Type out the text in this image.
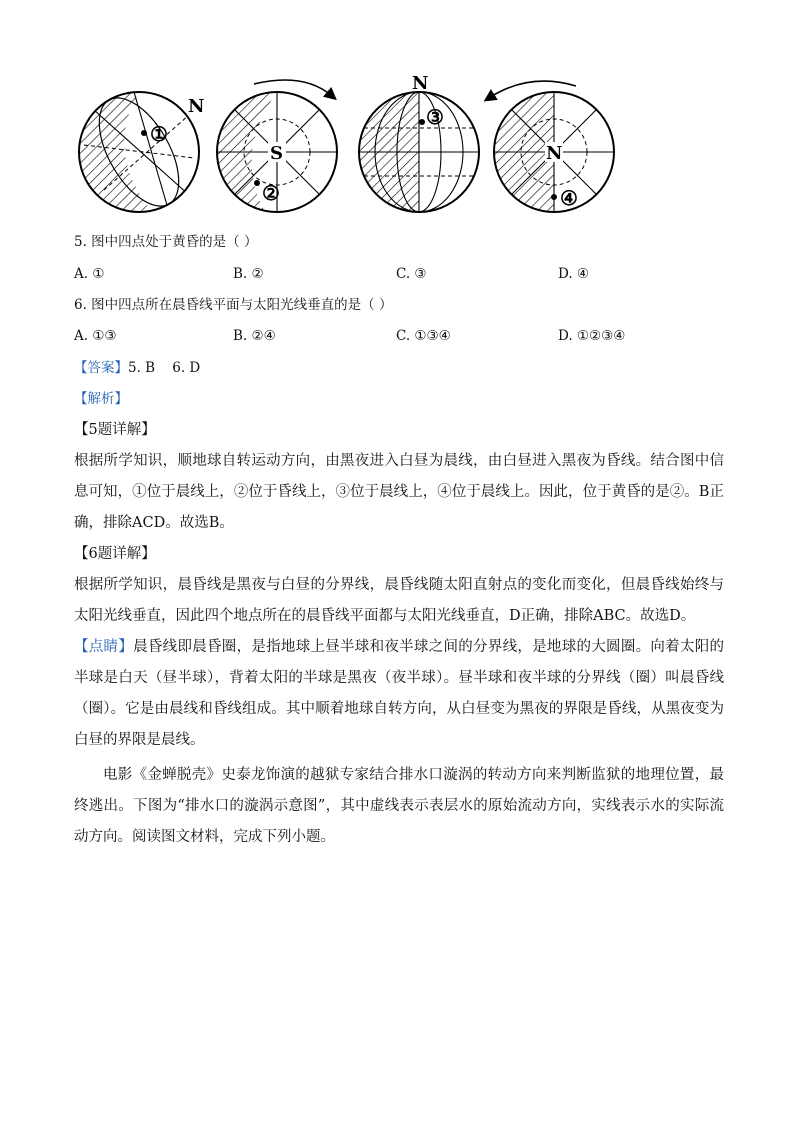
①
N
S
②
N
③
N
④
5. 图中四点处于黄昏的是（ ）
A. ①	B. ②	C. ③	D. ④
6. 图中四点所在晨昏线平面与太阳光线垂直的是（ ）
A. ①③	B. ②④	C. ①③④	D. ①②③④
【答案】5. B    6. D
【解析】
【5题详解】
根据所学知识，顺地球自转运动方向，由黑夜进入白昼为晨线，由白昼进入黑夜为昏线。结合图中信息可知，①位于晨线上，②位于昏线上，③位于晨线上，④位于晨线上。因此，位于黄昏的是②。B正确，排除ACD。故选B。
【6题详解】
根据所学知识，晨昏线是黑夜与白昼的分界线，晨昏线随太阳直射点的变化而变化，但晨昏线始终与太阳光线垂直，因此四个地点所在的晨昏线平面都与太阳光线垂直，D正确，排除ABC。故选D。
【点睛】晨昏线即晨昏圈，是指地球上昼半球和夜半球之间的分界线，是地球的大圆圈。向着太阳的半球是白天（昼半球），背着太阳的半球是黑夜（夜半球）。昼半球和夜半球的分界线（圈）叫晨昏线（圈）。它是由晨线和昏线组成。其中顺着地球自转方向，从白昼变为黑夜的界限是昏线，从黑夜变为白昼的界限是晨线。
电影《金蝉脱壳》史泰龙饰演的越狱专家结合排水口漩涡的转动方向来判断监狱的地理位置，最终逃出。下图为“排水口的漩涡示意图”，其中虚线表示表层水的原始流动方向，实线表示水的实际流动方向。阅读图文材料，完成下列小题。
